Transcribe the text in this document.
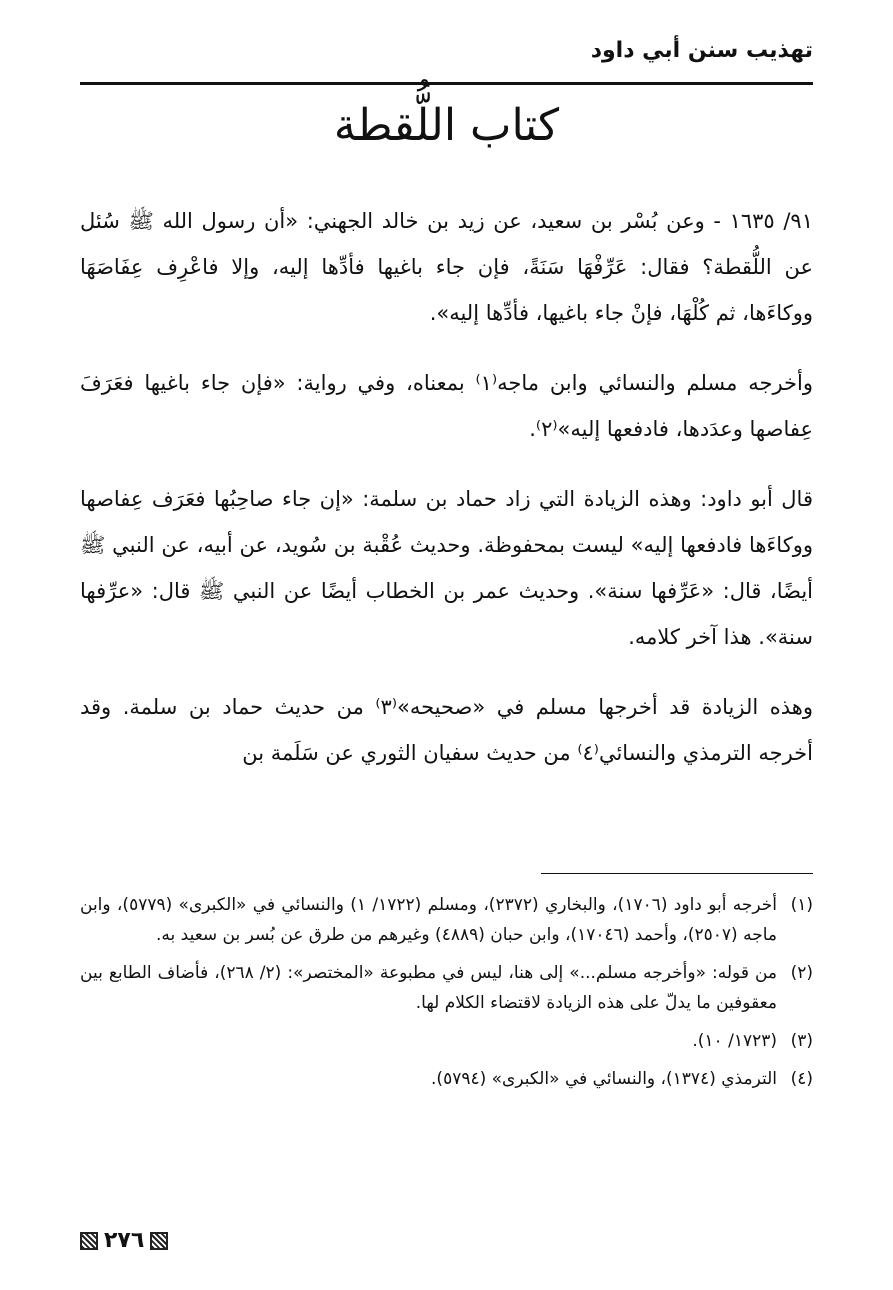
تهذيب سنن أبي داود
كتاب اللُّقطة

٩١/ ١٦٣٥ - وعن بُسْر بن سعيد، عن زيد بن خالد الجهني: «أن رسول الله ﷺ سُئل عن اللُّقطة؟ فقال: عَرِّفْهَا سَنَةً، فإن جاء باغيها فأدِّها إليه، وإلا فاعْرِف عِفَاصَهَا ووكاءَها، ثم كُلْهَا، فإنْ جاء باغيها، فأدِّها إليه».

وأخرجه مسلم والنسائي وابن ماجه⁽١⁾ بمعناه، وفي رواية: «فإن جاء باغيها فعَرَفَ عِفاصها وعدَدها، فادفعها إليه»⁽٢⁾.

قال أبو داود: وهذه الزيادة التي زاد حماد بن سلمة: «إن جاء صاحِبُها فعَرَف عِفاصها ووكاءَها فادفعها إليه» ليست بمحفوظة. وحديث عُقْبة بن سُويد، عن أبيه، عن النبي ﷺ أيضًا، قال: «عَرِّفها سنة». وحديث عمر بن الخطاب أيضًا عن النبي ﷺ قال: «عرِّفها سنة». هذا آخر كلامه.

وهذه الزيادة قد أخرجها مسلم في «صحيحه»⁽٣⁾ من حديث حماد بن سلمة. وقد أخرجه الترمذي والنسائي⁽٤⁾ من حديث سفيان الثوري عن سَلَمة بن

(١)
أخرجه أبو داود (١٧٠٦)، والبخاري (٢٣٧٢)، ومسلم (١٧٢٢/ ١) والنسائي في «الكبرى» (٥٧٧٩)، وابن ماجه (٢٥٠٧)، وأحمد (١٧٠٤٦)، وابن حبان (٤٨٨٩) وغيرهم من طرق عن بُسر بن سعيد به.
(٢)
من قوله: «وأخرجه مسلم...» إلى هنا، ليس في مطبوعة «المختصر»: (٢/ ٢٦٨)، فأضاف الطابع بين معقوفين ما يدلّ على هذه الزيادة لاقتضاء الكلام لها.
(٣)
(١٧٢٣/ ١٠).
(٤)
الترمذي (١٣٧٤)، والنسائي في «الكبرى» (٥٧٩٤).
٢٧٦
